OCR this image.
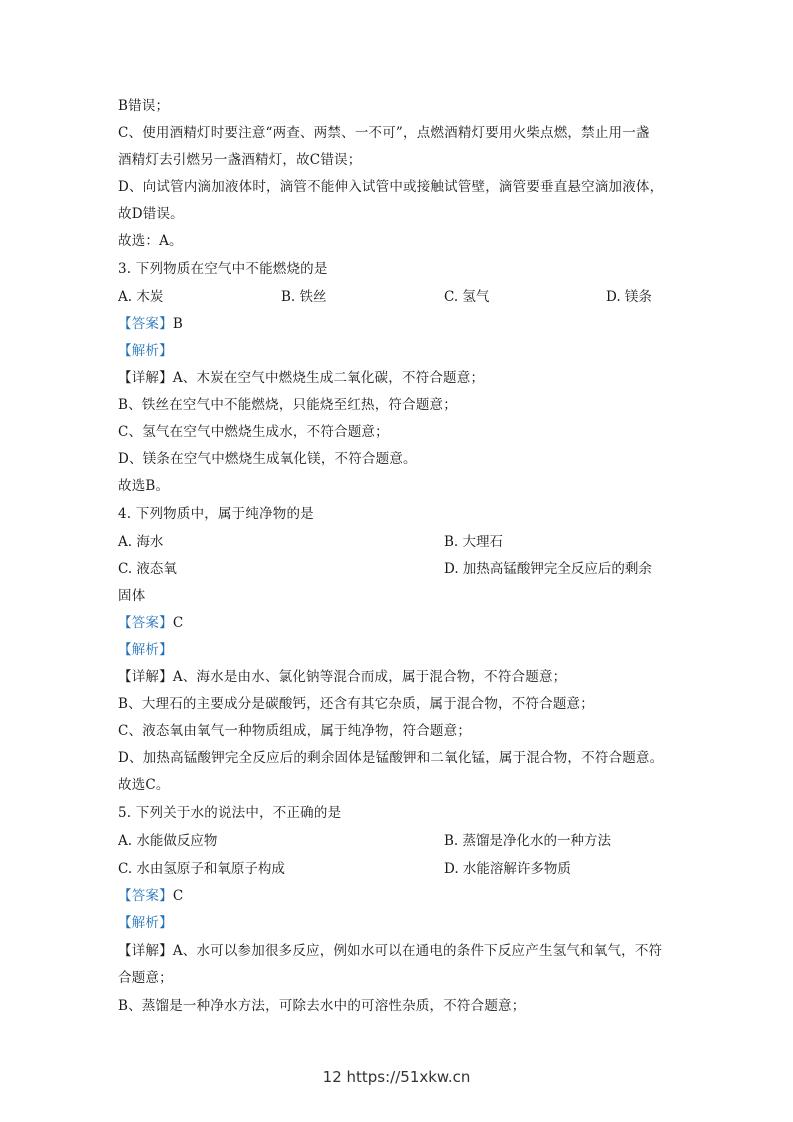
B错误；
C、使用酒精灯时要注意“两查、两禁、一不可”，点燃酒精灯要用火柴点燃，禁止用一盏
酒精灯去引燃另一盏酒精灯，故C错误；
D、向试管内滴加液体时，滴管不能伸入试管中或接触试管壁，滴管要垂直悬空滴加液体，
故D错误。
故选：A。
3. 下列物质在空气中不能燃烧的是
A. 木炭	B. 铁丝	C. 氢气	D. 镁条
【答案】B
【解析】
【详解】A、木炭在空气中燃烧生成二氧化碳，不符合题意；
B、铁丝在空气中不能燃烧，只能烧至红热，符合题意；
C、氢气在空气中燃烧生成水，不符合题意；
D、镁条在空气中燃烧生成氧化镁，不符合题意。
故选B。
4. 下列物质中，属于纯净物的是
A. 海水	B. 大理石
C. 液态氧	D. 加热高锰酸钾完全反应后的剩余
固体
【答案】C
【解析】
【详解】A、海水是由水、氯化钠等混合而成，属于混合物，不符合题意；
B、大理石的主要成分是碳酸钙，还含有其它杂质，属于混合物，不符合题意；
C、液态氧由氧气一种物质组成，属于纯净物，符合题意；
D、加热高锰酸钾完全反应后的剩余固体是锰酸钾和二氧化锰，属于混合物，不符合题意。
故选C。
5. 下列关于水的说法中，不正确的是
A. 水能做反应物	B. 蒸馏是净化水的一种方法
C. 水由氢原子和氧原子构成	D. 水能溶解许多物质
【答案】C
【解析】
【详解】A、水可以参加很多反应，例如水可以在通电的条件下反应产生氢气和氧气，不符
合题意；
B、蒸馏是一种净水方法，可除去水中的可溶性杂质，不符合题意；
12 https://51xkw.cn
